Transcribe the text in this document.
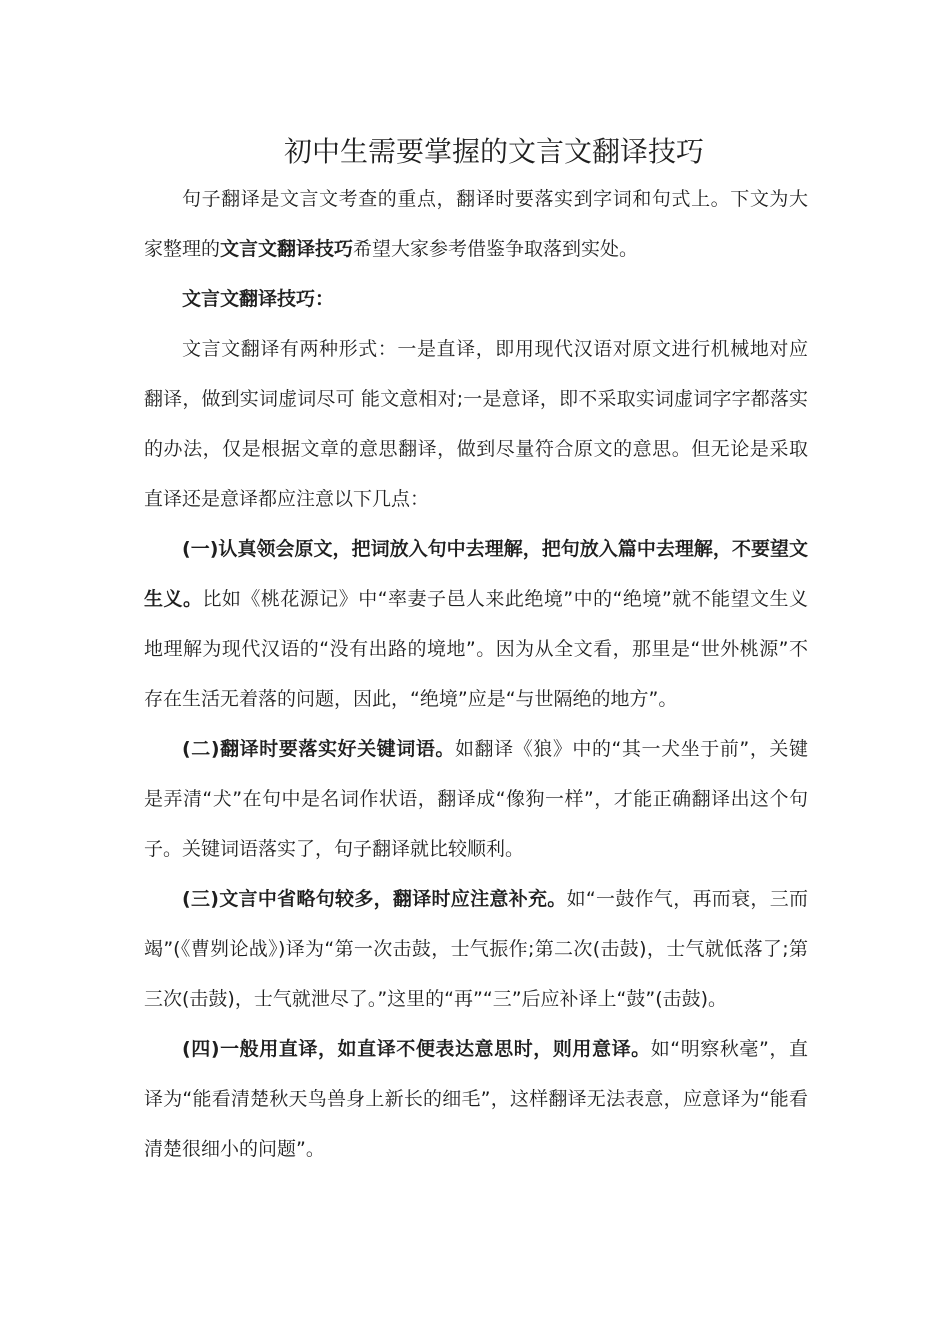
初中生需要掌握的文言文翻译技巧

句子翻译是文言文考查的重点，翻译时要落实到字词和句式上。下文为大家整理的文言文翻译技巧希望大家参考借鉴争取落到实处。

文言文翻译技巧：

文言文翻译有两种形式：一是直译，即用现代汉语对原文进行机械地对应翻译，做到实词虚词尽可 能文意相对;一是意译，即不采取实词虚词字字都落实的办法，仅是根据文章的意思翻译，做到尽量符合原文的意思。但无论是采取直译还是意译都应注意以下几点：

(一)认真领会原文，把词放入句中去理解，把句放入篇中去理解，不要望文生义。比如《桃花源记》中“率妻子邑人来此绝境”中的“绝境”就不能望文生义地理解为现代汉语的“没有出路的境地”。因为从全文看，那里是“世外桃源”不存在生活无着落的问题，因此，“绝境”应是“与世隔绝的地方”。

(二)翻译时要落实好关键词语。如翻译《狼》中的“其一犬坐于前”，关键是弄清“犬”在句中是名词作状语，翻译成“像狗一样”，才能正确翻译出这个句子。关键词语落实了，句子翻译就比较顺利。

(三)文言中省略句较多，翻译时应注意补充。如“一鼓作气，再而衰，三而竭”(《曹刿论战》)译为“第一次击鼓，士气振作;第二次(击鼓)，士气就低落了;第三次(击鼓)，士气就泄尽了。”这里的“再”“三”后应补译上“鼓”(击鼓)。

(四)一般用直译，如直译不便表达意思时，则用意译。如“明察秋毫”，直译为“能看清楚秋天鸟兽身上新长的细毛”，这样翻译无法表意，应意译为“能看清楚很细小的问题”。
